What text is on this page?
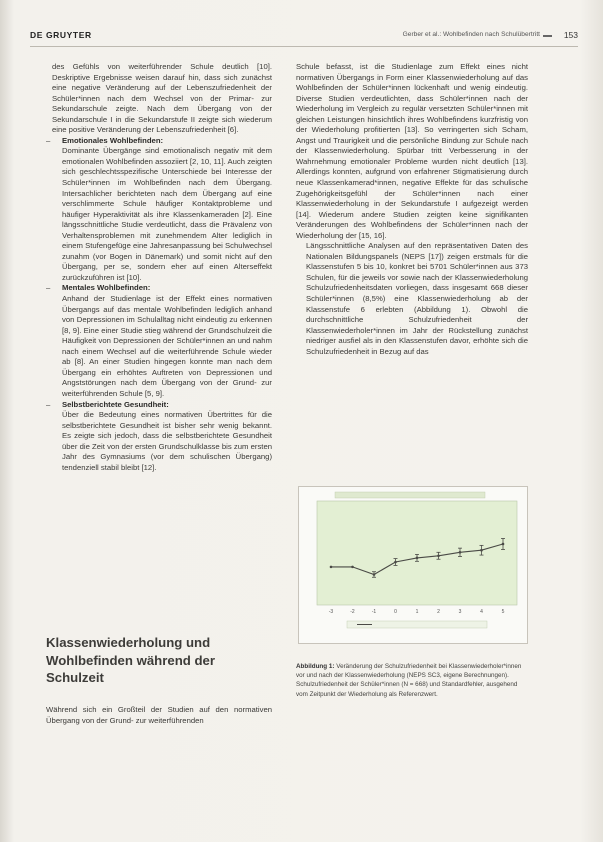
DE GRUYTER	Gerber et al.: Wohlbefinden nach Schulübertritt	153

des Gefühls von weiterführender Schule deutlich [10]. Deskriptive Ergebnisse weisen darauf hin, dass sich zunächst eine negative Veränderung auf der Lebenszufriedenheit der Schüler*innen nach dem Wechsel von der Primar- zur Sekundarschule zeigte. Nach dem Übergang von der Sekundarschule I in die Sekundarstufe II zeigte sich wiederum eine positive Veränderung der Lebenszufriedenheit [6].

– Emotionales Wohlbefinden:

Dominante Übergänge sind emotionalisch negativ mit dem emotionalen Wohlbefinden assoziiert [2, 10, 11]. Auch zeigten sich geschlechtsspezifische Unterschiede bei Interesse der Schüler*innen im Wohlbefinden nach dem Übergang. Intersachlicher berichteten nach dem Übergang auf eine verschlimmerte Schule häufiger Kontaktprobleme und häufiger Hyperaktivität als ihre Klassenkameraden [2]. Eine längsschnittliche Studie verdeutlicht, dass die Prävalenz von Verhaltensproblemen mit zunehmendem Alter lediglich in einem Stufengefüge eine Jahresanpassung bei Schulwechsel zunahm (vor Bogen in Dänemark) und somit nicht auf den Übergang, per se, sondern eher auf einen Alterseffekt zurückzuführen ist [10].

– Mentales Wohlbefinden:

Anhand der Studienlage ist der Effekt eines normativen Übergangs auf das mentale Wohlbefinden lediglich anhand von Depressionen im Schulalltag nicht eindeutig zu erkennen [8, 9]. Eine einer Studie stieg während der Grundschulzeit die Häufigkeit von Depressionen der Schüler*innen an und nahm nach einem Wechsel auf die weiterführende Schule wieder ab [8]. An einer Studien hingegen konnte man nach dem Übergang ein erhöhtes Auftreten von Depressionen und Angststörungen nach dem Übergang von der Grund- zur weiterführenden Schule [5, 9].

– Selbstberichtete Gesundheit:

Über die Bedeutung eines normativen Übertrittes für die selbstberichtete Gesundheit ist bisher sehr wenig bekannt. Es zeigte sich jedoch, dass die selbstberichtete Gesundheit über die Zeit von der ersten Grundschulklasse bis zum ersten Jahr des Gymnasiums (vor dem schulischen Übergang) tendenziell stabil bleibt [12].

Klassenwiederholung und Wohlbefinden während der Schulzeit

Während sich ein Großteil der Studien auf den normativen Übergang von der Grund- zur weiterführenden

Schule befasst, ist die Studienlage zum Effekt eines nicht normativen Übergangs in Form einer Klassenwiederholung auf das Wohlbefinden der Schüler*innen lückenhaft und wenig eindeutig. Diverse Studien verdeutlichten, dass Schüler*innen nach der Wiederholung im Vergleich zu regulär versetzten Schüler*innen mit gleichen Leistungen hinsichtlich ihres Wohlbefindens kurzfristig von der Wiederholung profitierten [13]. So verringerten sich Scham, Angst und Traurigkeit und die persönliche Bindung zur Schule nach der Klassenwiederholung. Spürbar tritt Verbesserung in der Wahrnehmung emotionaler Probleme wurden nicht deutlich [13]. Allerdings konnten, aufgrund von erfahrener Stigmatisierung durch neue Klassenkamerad*innen, negative Effekte für das schulische Zugehörigkeitsgefühl der Schüler*innen nach einer Klassenwiederholung in der Sekundarstufe I aufgezeigt werden [14]. Wiederum andere Studien zeigten keine signifikanten Veränderungen des Wohlbefindens der Schüler*innen nach der Wiederholung der [15, 16].

Längsschnittliche Analysen auf den repräsentativen Daten des Nationalen Bildungspanels (NEPS [17]) zeigen erstmals für die Klassenstufen 5 bis 10, konkret bei 5701 Schüler*innen aus 373 Schulen, für die jeweils vor sowie nach der Klassenwiederholung Schulzufriedenheitsdaten vorliegen, dass insgesamt 668 dieser Schüler*innen (8,5%) eine Klassenwiederholung ab der Klassenstufe 6 erlebten (Abbildung 1). Obwohl die durchschnittliche Schulzufriedenheit der Klassenwiederholer*innen im Jahr der Rückstellung zunächst niedriger ausfiel als in den Klassenstufen davor, erhöhte sich die Schulzufriedenheit in Bezug auf das

-3	-2	-1	0	1	2	3	4	5
Abbildung 1: Veränderung der Schulzufriedenheit bei Klassenwiederholer*innen vor und nach der Klassenwiederholung (NEPS SC3, eigene Berechnungen). Schulzufriedenheit der Schüler*innen (N = 668) und Standardfehler, ausgehend vom Zeitpunkt der Wiederholung als Referenzwert.
